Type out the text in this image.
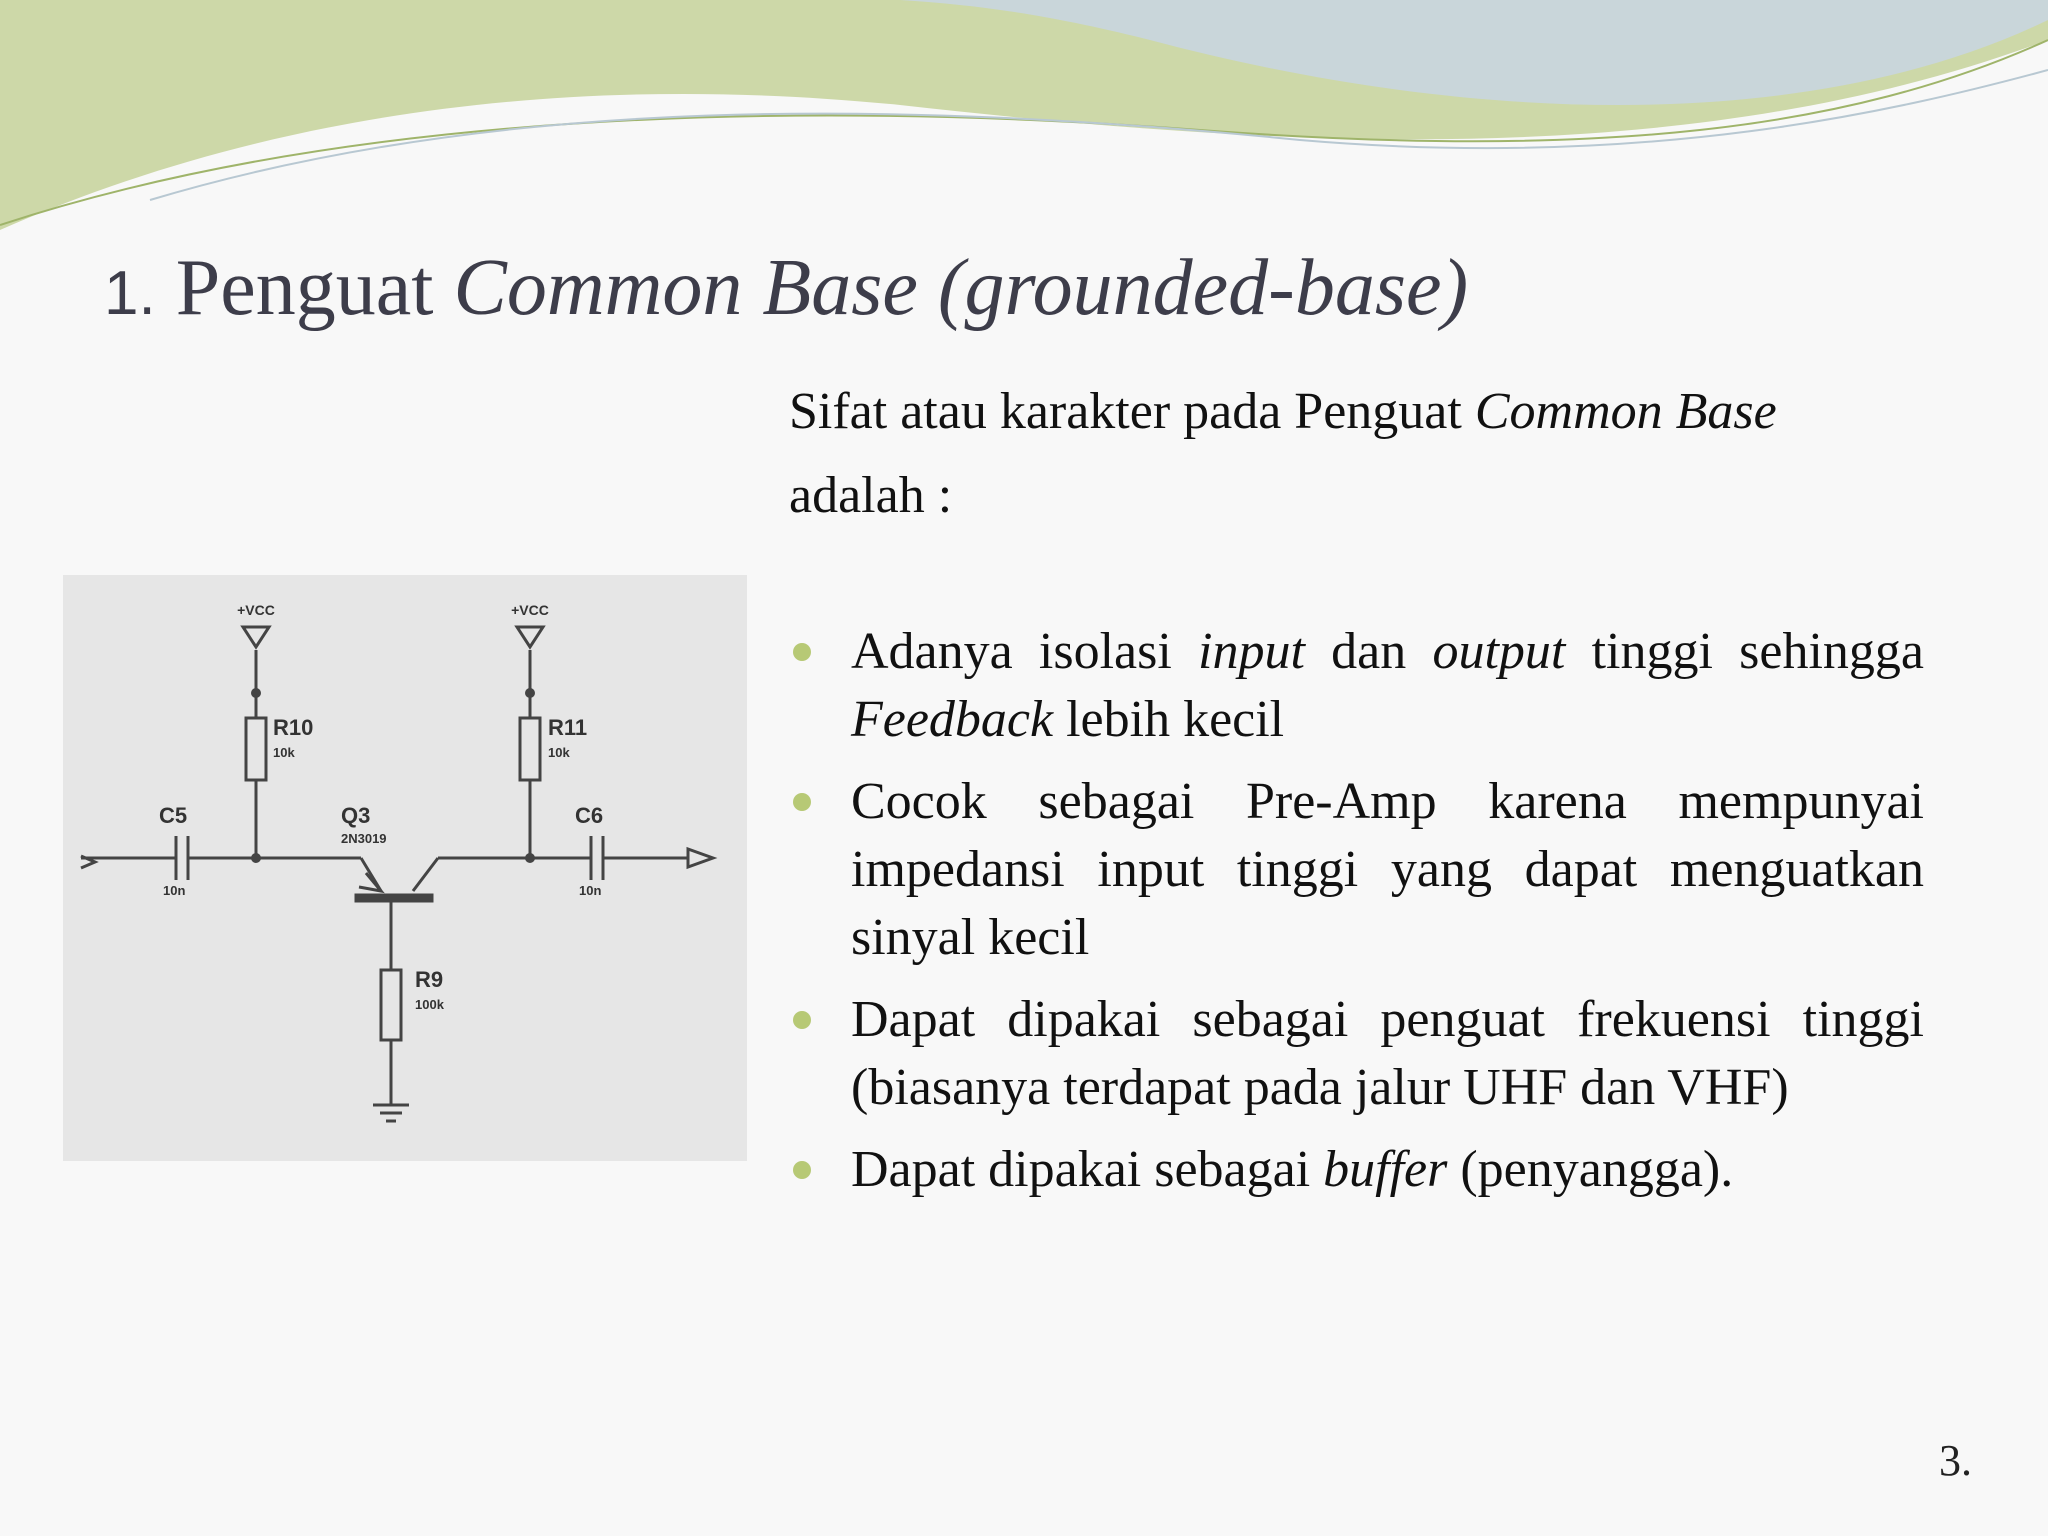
1. Penguat Common Base (grounded-base)

Sifat atau karakter pada Penguat Common Base
adalah :

Adanya isolasi input dan output tinggi sehingga Feedback lebih kecil
Cocok sebagai Pre-Amp karena mempunyai impedansi input tinggi yang dapat menguatkan sinyal kecil
Dapat dipakai sebagai penguat frekuensi tinggi (biasanya terdapat pada jalur UHF dan VHF)
Dapat dipakai sebagai buffer (penyangga).
+VCC	+VCC
R10
10k
R11
10k
C5
10n
C6
10n
Q3
2N3019
R9
100k
3.
